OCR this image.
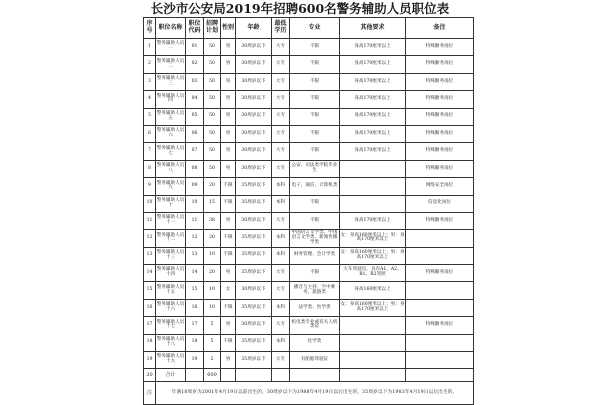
长沙市公安局2019年招聘600名警务辅助人员职位表
序号	职位名称	职位代码	招聘计划	性别	年龄	最低学历	专业	其他要求	备注
1	警务辅助人员一	01	50	男	30周岁以下	大专	不限	身高170厘米以上	特殊勤务岗位
2	警务辅助人员二	02	50	男	30周岁以下	大专	不限	身高170厘米以上	特殊勤务岗位
3	警务辅助人员三	03	50	男	30周岁以下	大专	不限	身高170厘米以上	特殊勤务岗位
4	警务辅助人员四	04	50	男	30周岁以下	大专	不限	身高170厘米以上	特殊勤务岗位
5	警务辅助人员五	05	50	男	30周岁以下	大专	不限	身高170厘米以上	特殊勤务岗位
6	警务辅助人员六	06	50	男	30周岁以下	大专	不限	身高170厘米以上	特殊勤务岗位
7	警务辅助人员七	07	50	男	30周岁以下	大专	不限	身高170厘米以上	特殊勤务岗位
8	警务辅助人员八	08	50	男	30周岁以下	大专	公安、司法类学院毕业生		特殊勤务岗位
9	警务辅助人员九	09	20	不限	35周岁以下	本科	电子、通信、计算机类		网络安全岗位
10	警务辅助人员十	10	15	不限	35周岁以下	本科	不限		信息化岗位
11	警务辅助人员十一	11	38	男	30周岁以下	大专	不限	身高170厘米以上	特殊勤务岗位
12	警务辅助人员十二	12	20	不限	35周岁以下	本科	中国语言文学类、中国语言文学类、新闻传播学类	女：身高160厘米以上；男：身高170厘米以上	
13	警务辅助人员十三	13	10	不限	35周岁以下	本科	财务管理、会计学类	女：身高160厘米以上；男：身高170厘米以上	
14	警务辅助人员十四	14	20	男	35周岁以下	大专	不限	大车驾驶员，具有A1、A2、B1、B2驾照	特殊勤务岗位
15	警务辅助人员十五	15	10	女	30周岁以下	大专	播音与主持、空中乘务、旅游类	身高160厘米以上	
16	警务辅助人员十六	16	10	不限	35周岁以下	本科	法学类、医学类	女：身高160厘米以上；男：身高170厘米以上	
17	警务辅助人员十七	17	5	男	30周岁以下	大专	机电类专业或有关人机类证		特殊勤务岗位
18	警务辅助人员十八	18	5	不限	35周岁以下	本科	化学类		
19	警务辅助人员十九	19	2	男	35周岁以下	大专	有船舶驾驶证		
20	合计		600						
注	年满18周岁为2001年4月19日以前出生的，30周岁以下为1988年4月19日以后出生的，35周岁以下为1983年4月19日以后出生的。								
